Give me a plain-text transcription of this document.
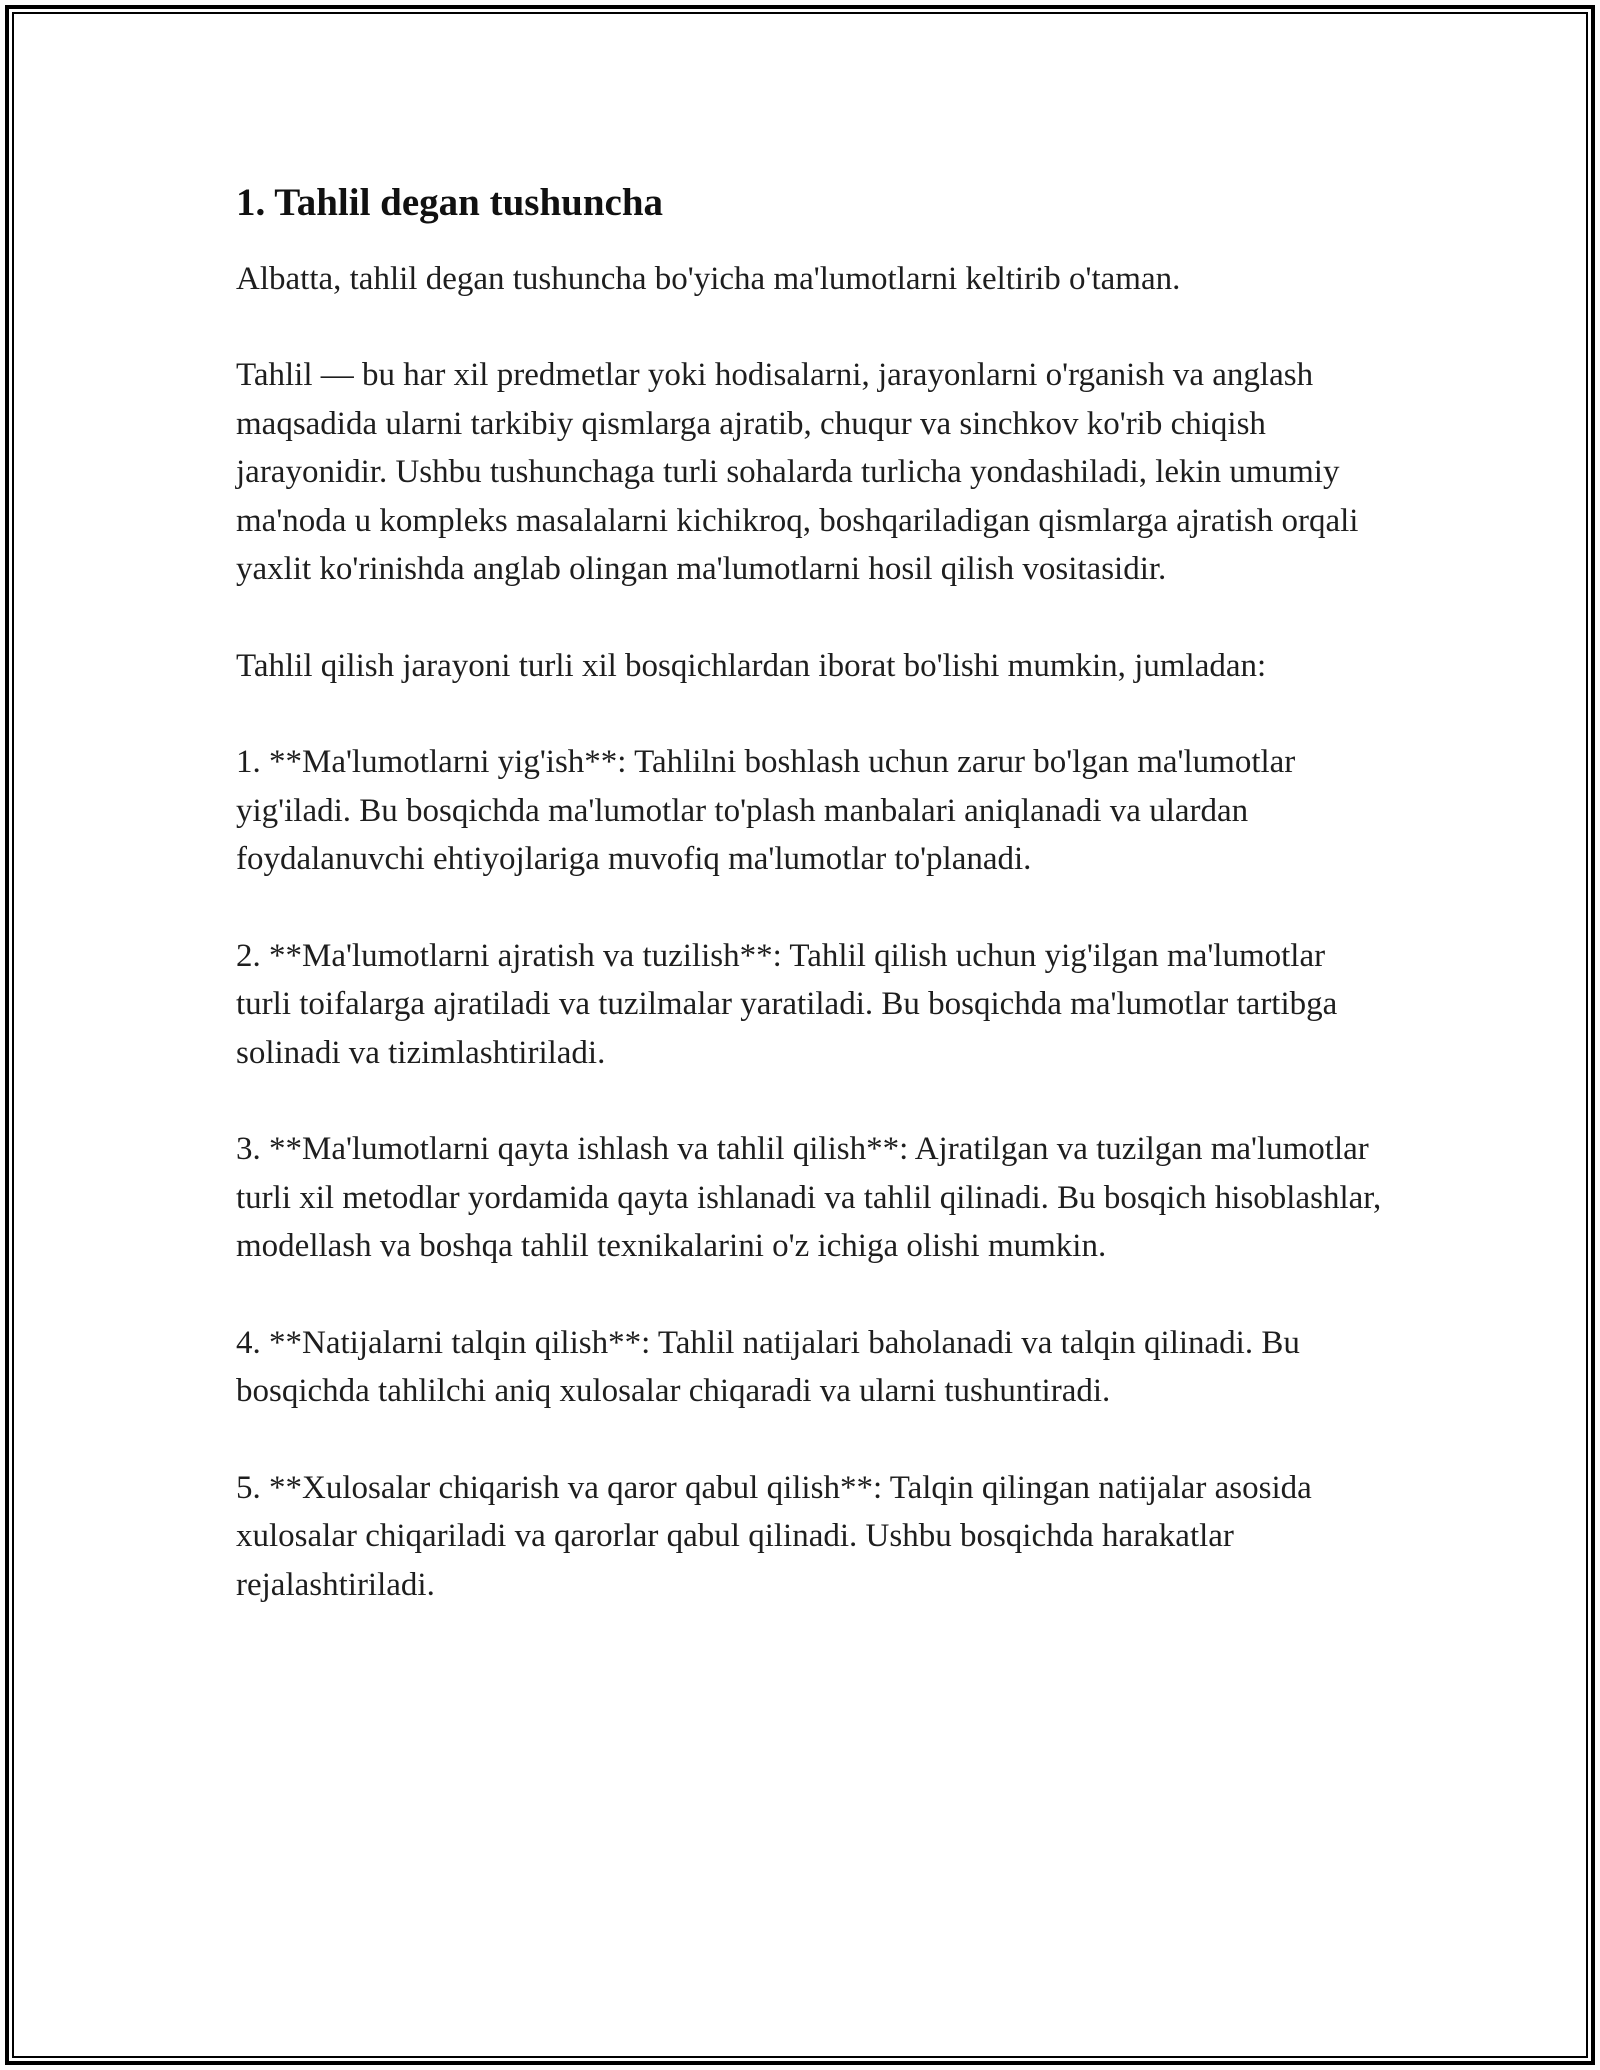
1. Tahlil degan tushuncha

Albatta, tahlil degan tushuncha bo'yicha ma'lumotlarni keltirib o'taman.

Tahlil — bu har xil predmetlar yoki hodisalarni, jarayonlarni o'rganish va anglash maqsadida ularni tarkibiy qismlarga ajratib, chuqur va sinchkov ko'rib chiqish jarayonidir. Ushbu tushunchaga turli sohalarda turlicha yondashiladi, lekin umumiy ma'noda u kompleks masalalarni kichikroq, boshqariladigan qismlarga ajratish orqali yaxlit ko'rinishda anglab olingan ma'lumotlarni hosil qilish vositasidir.

Tahlil qilish jarayoni turli xil bosqichlardan iborat bo'lishi mumkin, jumladan:

1. **Ma'lumotlarni yig'ish**: Tahlilni boshlash uchun zarur bo'lgan ma'lumotlar yig'iladi. Bu bosqichda ma'lumotlar to'plash manbalari aniqlanadi va ulardan foydalanuvchi ehtiyojlariga muvofiq ma'lumotlar to'planadi.

2. **Ma'lumotlarni ajratish va tuzilish**: Tahlil qilish uchun yig'ilgan ma'lumotlar turli toifalarga ajratiladi va tuzilmalar yaratiladi. Bu bosqichda ma'lumotlar tartibga solinadi va tizimlashtiriladi.

3. **Ma'lumotlarni qayta ishlash va tahlil qilish**: Ajratilgan va tuzilgan ma'lumotlar turli xil metodlar yordamida qayta ishlanadi va tahlil qilinadi. Bu bosqich hisoblashlar, modellash va boshqa tahlil texnikalarini o'z ichiga olishi mumkin.

4. **Natijalarni talqin qilish**: Tahlil natijalari baholanadi va talqin qilinadi. Bu bosqichda tahlilchi aniq xulosalar chiqaradi va ularni tushuntiradi.

5. **Xulosalar chiqarish va qaror qabul qilish**: Talqin qilingan natijalar asosida xulosalar chiqariladi va qarorlar qabul qilinadi. Ushbu bosqichda harakatlar rejalashtiriladi.
